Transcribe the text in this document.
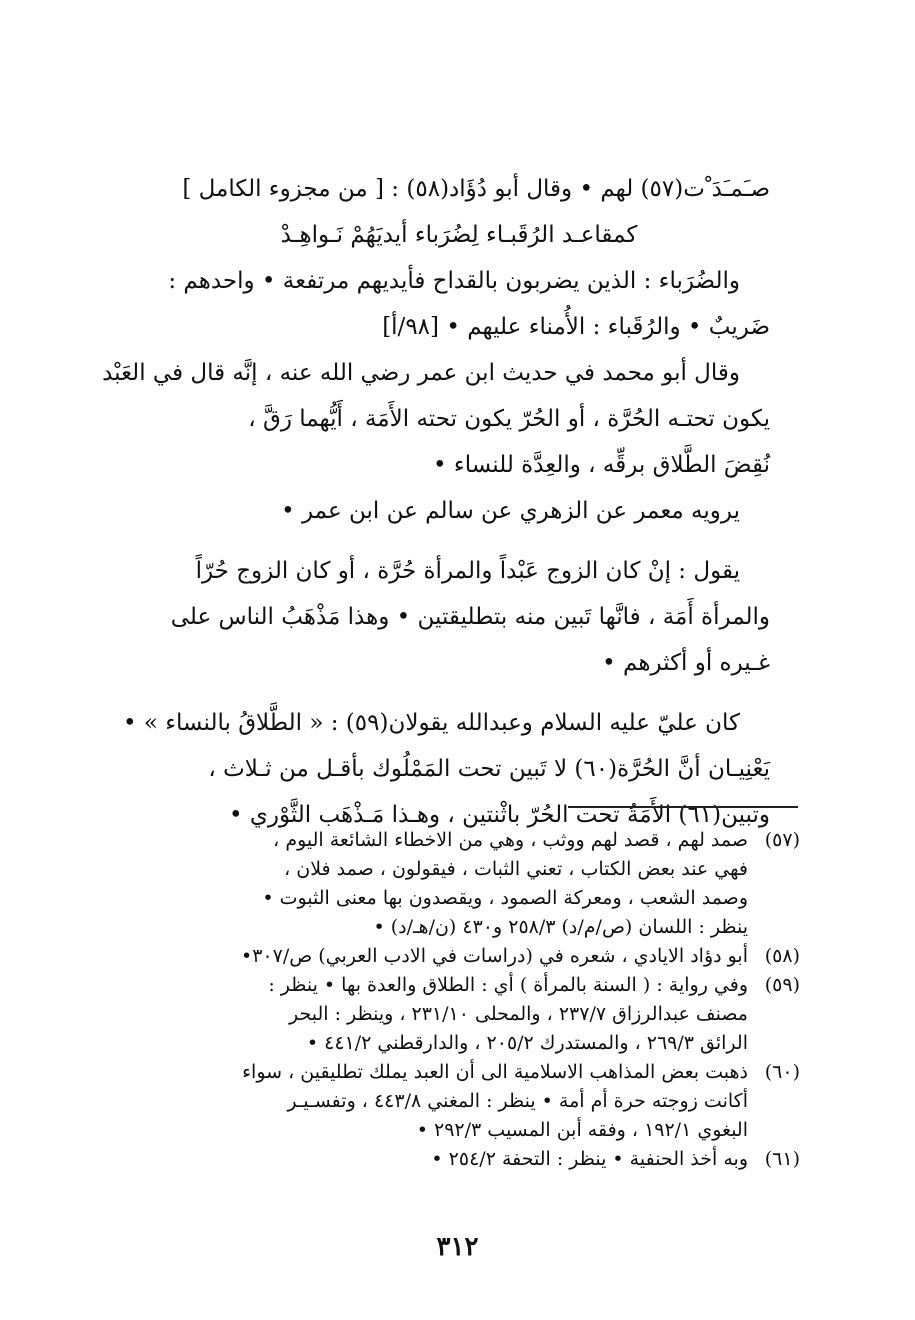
صـَمـَدَ ْت(٥٧) لهم • وقال أبو دُؤَاد(٥٨) : [ من مجزوء الكامل ]
كمقاعـد الرُقَبـاء لِضُرَباء أيديَهُمْ نَـواهِـدْ
والضُرَباء : الذين يضربون بالقداح فأيديهم مرتفعة • واحدهم :
ضَريبٌ • والرُقَباء : الأُمناء عليهم • [٩٨/أ]
وقال أبو محمد في حديث ابن عمر رضي الله عنه ، إنَّه قال في العَبْد
يكون تحتـه الحُرَّة ، أو الحُرّ يكون تحته الأَمَة ، أَيُّهما رَقَّ ،
نُقِضَ الطَّلاق برقِّه ، والعِدَّة للنساء •
يرويه معمر عن الزهري عن سالم عن ابن عمر •
يقول : إنْ كان الزوج عَبْداً والمرأة حُرَّة ، أو كان الزوج حُرّاً
والمرأة أَمَة ، فانَّها تَبين منه بتطليقتين • وهذا مَذْهَبُ الناس على
غـيره أو أكثرهم •
كان عليّ عليه السلام وعبدالله يقولان(٥٩) : « الطَّلاقُ بالنساء » •
يَعْنِيـان أنَّ الحُرَّة(٦٠) لا تَبين تحت المَمْلُوك بأقـل من ثـلاث ،
وتبين(٦١) الأَمَةُ تحت الحُرّ باثْنتين ، وهـذا مَـذْهَب الثَّوْري •
(٥٧)
صمد لهم ، قصد لهم ووثب ، وهي من الاخطاء الشائعة اليوم ،
فهي عند بعض الكتاب ، تعني الثبات ، فيقولون ، صمد فلان ،
وصمد الشعب ، ومعركة الصمود ، ويقصدون بها معنى الثبوت •
ينظر : اللسان (ص/م/د) ٢٥٨/٣ و٤٣٠ (ن/هـ/د) •
(٥٨)
أبو دؤاد الايادي ، شعره في (دراسات في الادب العربي) ص/٣٠٧•
(٥٩)
وفي رواية : ( السنة بالمرأة ) أي : الطلاق والعدة بها • ينظر :
مصنف عبدالرزاق ٢٣٧/٧ ، والمحلى ٢٣١/١٠ ، وينظر : البحر
الرائق ٢٦٩/٣ ، والمستدرك ٢٠٥/٢ ، والدارقطني ٤٤١/٢ •
(٦٠)
ذهبت بعض المذاهب الاسلامية الى أن العبد يملك تطليقين ، سواء
أكانت زوجته حرة أم أمة • ينظر : المغني ٤٤٣/٨ ، وتفسـيـر
البغوي ١٩٢/١ ، وفقه أبن المسيب ٢٩٢/٣ •
(٦١)
وبه أخذ الحنفية • ينظر : التحفة ٢٥٤/٢ •
٣١٢
